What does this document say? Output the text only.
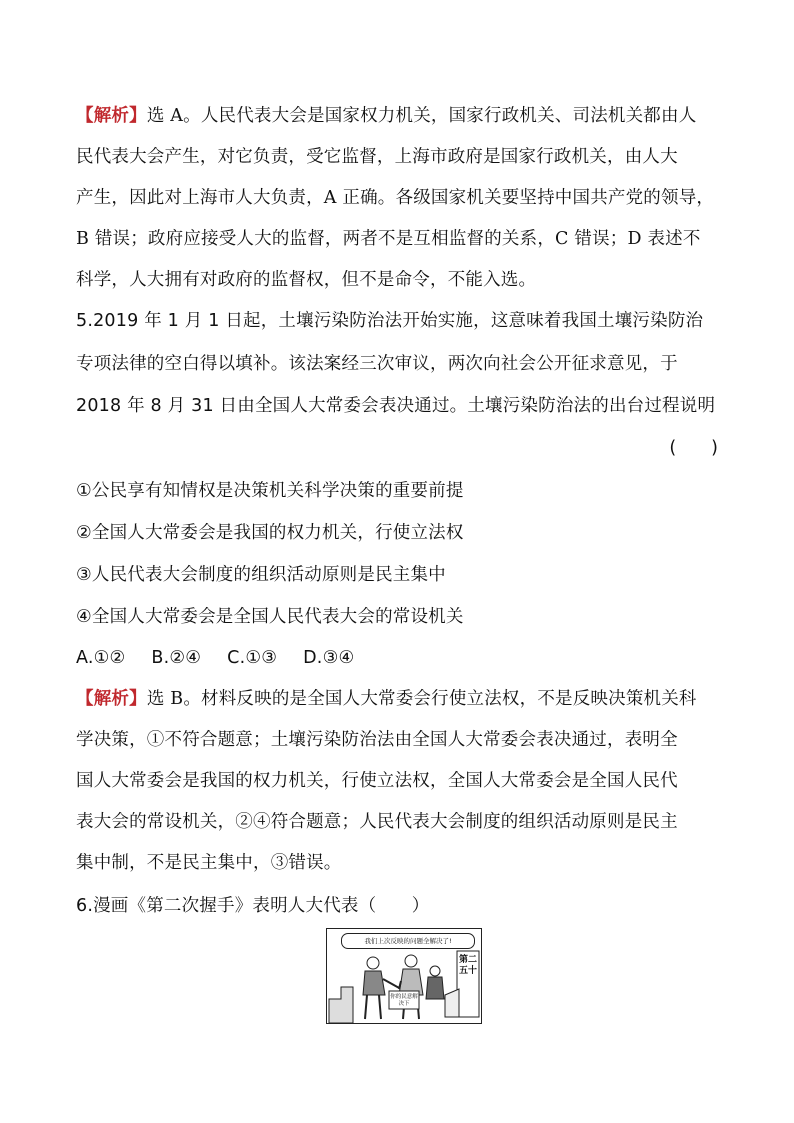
【解析】选 A。人民代表大会是国家权力机关，国家行政机关、司法机关都由人
民代表大会产生，对它负责，受它监督，上海市政府是国家行政机关，由人大
产生，因此对上海市人大负责，A 正确。各级国家机关要坚持中国共产党的领导，
B 错误；政府应接受人大的监督，两者不是互相监督的关系，C 错误；D 表述不
科学，人大拥有对政府的监督权，但不是命令，不能入选。
5.2019 年 1 月 1 日起，土壤污染防治法开始实施，这意味着我国土壤污染防治
专项法律的空白得以填补。该法案经三次审议，两次向社会公开征求意见，于
2018 年 8 月 31 日由全国人大常委会表决通过。土壤污染防治法的出台过程说明
(　　)
①公民享有知情权是决策机关科学决策的重要前提
②全国人大常委会是我国的权力机关，行使立法权
③人民代表大会制度的组织活动原则是民主集中
④全国人大常委会是全国人民代表大会的常设机关
A.①② B.②④ C.①③ D.③④
【解析】选 B。材料反映的是全国人大常委会行使立法权，不是反映决策机关科
学决策，①不符合题意；土壤污染防治法由全国人大常委会表决通过，表明全
国人大常委会是我国的权力机关，行使立法权，全国人大常委会是全国人民代
表大会的常设机关，②④符合题意；人民代表大会制度的组织活动原则是民主
集中制，不是民主集中，③错误。
6.漫画《第二次握手》表明人大代表（　　）
我们上次反映的问题全解决了!
第二五十
你的民意解决下
